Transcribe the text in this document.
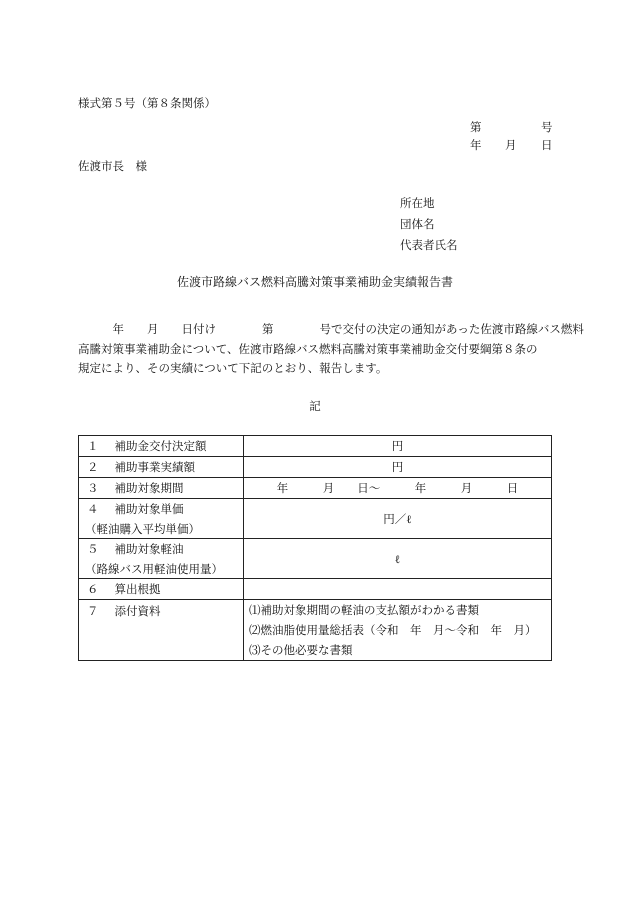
様式第５号（第８条関係）
第	号
年 月 日
佐渡市長　様
所在地
団体名
代表者氏名
佐渡市路線バス燃料高騰対策事業補助金実績報告書
　　　年　　月　　日付け　　　　第　　　　号で交付の決定の通知があった佐渡市路線バス燃料
高騰対策事業補助金について、佐渡市路線バス燃料高騰対策事業補助金交付要綱第８条の
規定により、その実績について下記のとおり、報告します。
記
１　 補助金交付決定額	円
２　 補助事業実績額	円
３　 補助対象期間	年　　　月　　日～　　　年　　　月　　　日
４　 補助対象単価
（軽油購入平均単価）	円／ℓ
５　 補助対象軽油
（路線バス用軽油使用量）	ℓ
６　 算出根拠	
７　 添付資料	⑴補助対象期間の軽油の支払額がわかる書類
⑵燃油脂使用量総括表（令和　年　月～令和　年　月）
⑶その他必要な書類
